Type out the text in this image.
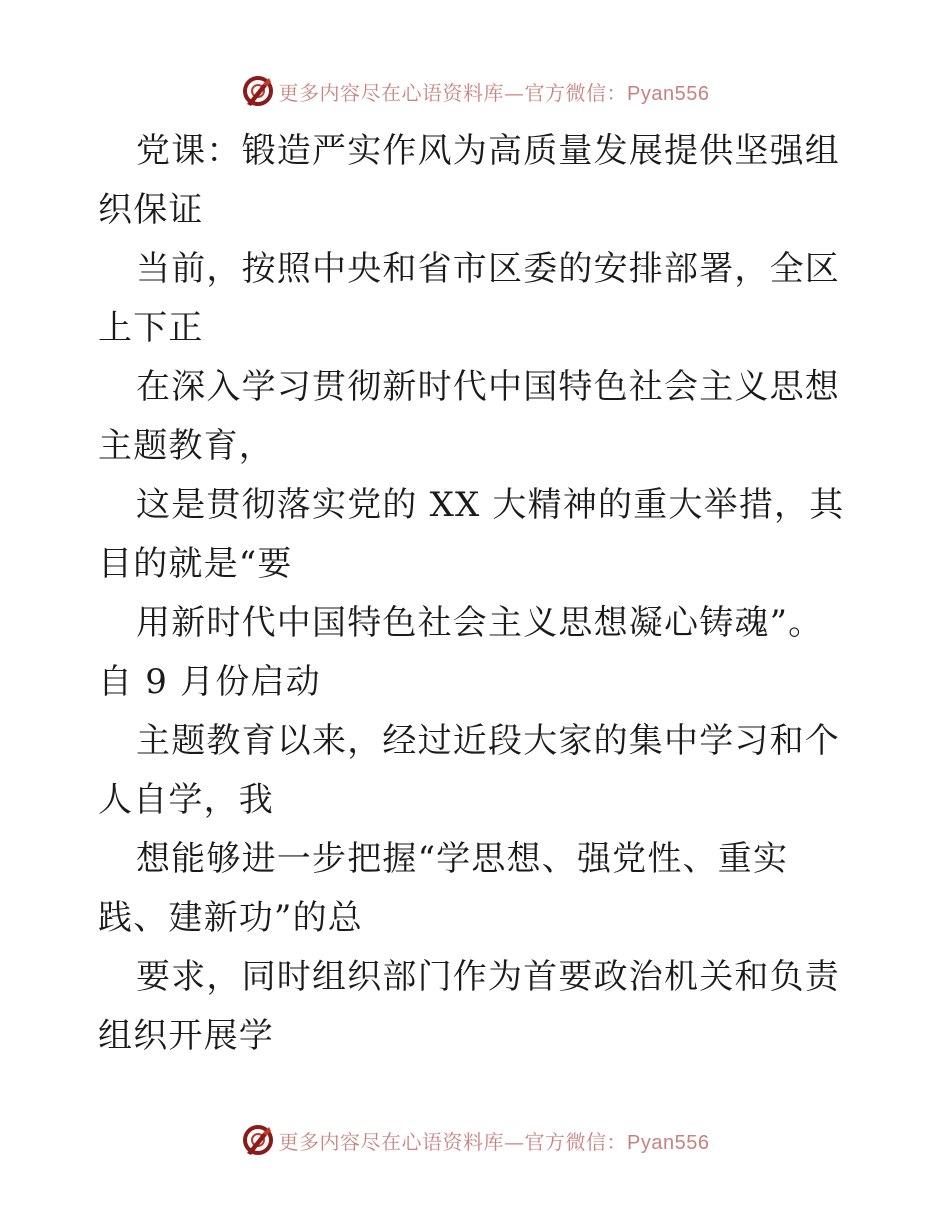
更多内容尽在心语资料库—官方微信：Pyan556

党课：锻造严实作风为高质量发展提供坚强组织保证

当前，按照中央和省市区委的安排部署，全区上下正

在深入学习贯彻新时代中国特色社会主义思想主题教育，

这是贯彻落实党的 XX 大精神的重大举措，其目的就是“要

用新时代中国特色社会主义思想凝心铸魂”。自 9 月份启动

主题教育以来，经过近段大家的集中学习和个人自学，我

想能够进一步把握“学思想、强党性、重实践、建新功”的总

要求，同时组织部门作为首要政治机关和负责组织开展学

更多内容尽在心语资料库—官方微信：Pyan556
